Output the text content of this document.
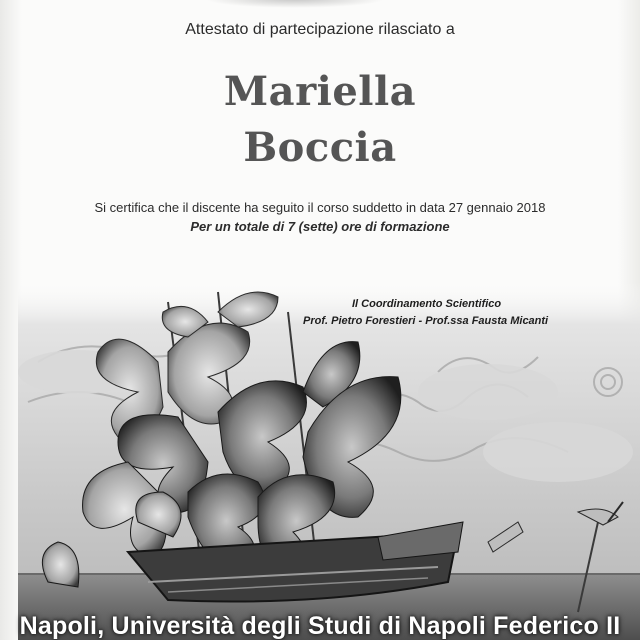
Attestato di partecipazione rilasciato a
Mariella
Boccia
Si certifica che il discente ha seguito il corso suddetto in data 27 gennaio 2018
Per un totale di 7 (sette) ore di formazione
Il Coordinamento Scientifico
Prof. Pietro Forestieri - Prof.ssa Fausta Micanti
Napoli, Università degli Studi di Napoli Federico II
